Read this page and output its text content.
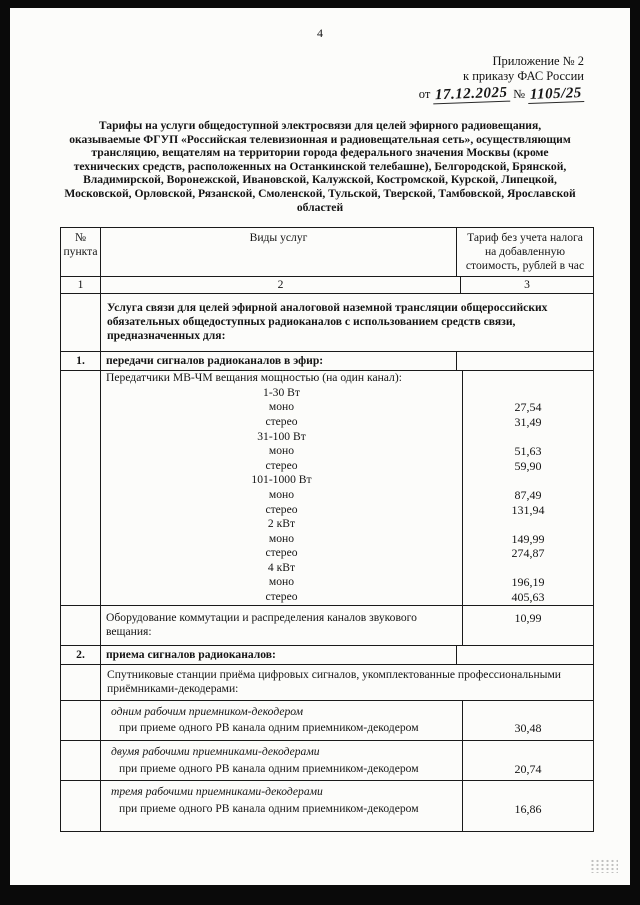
4
Приложение № 2
к приказу ФАС России
от 17.12.2025 № 1105/25
Тарифы на услуги общедоступной электросвязи для целей эфирного радиовещания, оказываемые ФГУП «Российская телевизионная и радиовещательная сеть», осуществляющим трансляцию, вещателям на территории города федерального значения Москвы (кроме технических средств, расположенных на Останкинской телебашне), Белгородской, Брянской, Владимирской, Воронежской, Ивановской, Калужской, Костромской, Курской, Липецкой, Московской, Орловской, Рязанской, Смоленской, Тульской, Тверской, Тамбовской, Ярославской областей
№ пункта
Виды услуг	Тариф без учета налога на добавленную стоимость, рублей в час
1	2	3
Услуга связи для целей эфирной аналоговой наземной трансляции общероссийских обязательных общедоступных радиоканалов с использованием средств связи, предназначенных для:
1.	передачи сигналов радиоканалов в эфир:
Передатчики МВ-ЧМ вещания мощностью (на один канал):
1-30 Вт
моно	27,54
стерео	31,49
31-100 Вт
моно	51,63
стерео	59,90
101-1000 Вт
моно	87,49
стерео	131,94
2 кВт
моно	149,99
стерео	274,87
4 кВт
моно	196,19
стерео	405,63
Оборудование коммутации и распределения каналов звукового вещания:
10,99
2.	приема сигналов радиоканалов:
Спутниковые станции приёма цифровых сигналов, укомплектованные профессиональными приёмниками-декодерами:
одним рабочим приемником-декодером
при приеме одного РВ канала одним приемником-декодером	30,48
двумя рабочими приемниками-декодерами
при приеме одного РВ канала одним приемником-декодером	20,74
тремя рабочими приемниками-декодерами
при приеме одного РВ канала одним приемником-декодером	16,86
